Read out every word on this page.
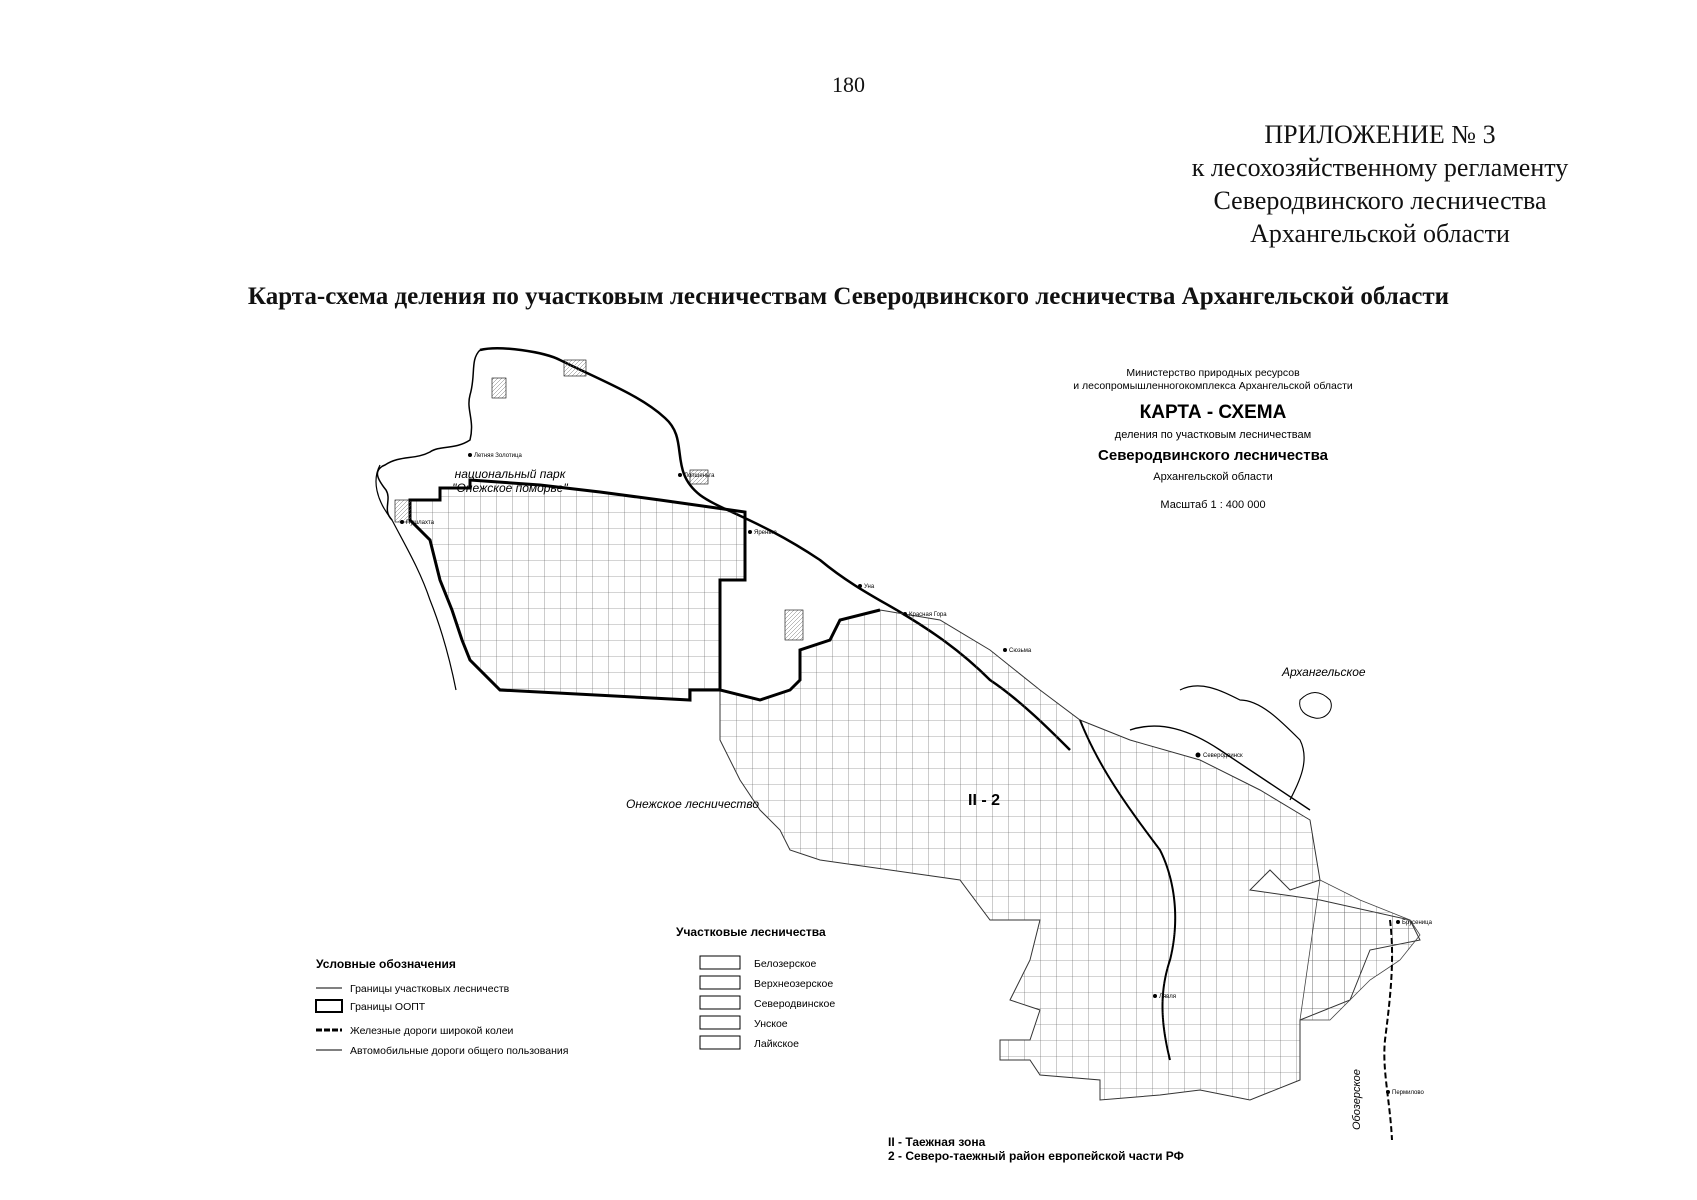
180
ПРИЛОЖЕНИЕ № 3
к лесохозяйственному регламенту
Северодвинского лесничества
Архангельской области
Карта-схема деления по участковым лесничествам Северодвинского лесничества Архангельской области
Министерство природных ресурсов
и лесопромышленногокомплекса Архангельской области
КАРТА - СХЕМА
деления по участковым лесничествам
Северодвинского лесничества
Архангельской области
Масштаб 1 : 400 000
национальный парк
"Онежское поморье"
Онежское лесничество
Архангельское
Обозерское
II - 2
Летняя Золотица
Пушлахта
Лопшеньга
Яреньга
Уна
Красная Гора
Сюзьма
Северодвинск
Брусеница
Лявля
Пермилово
Условные обозначения
Границы участковых лесничеств
Границы ООПТ
Железные дороги широкой колеи
Автомобильные дороги общего пользования
Участковые лесничества
Белозерское
Верхнеозерское
Северодвинское
Унское
Лайкское
II - Таежная зона
2 - Северо-таежный район европейской части РФ
